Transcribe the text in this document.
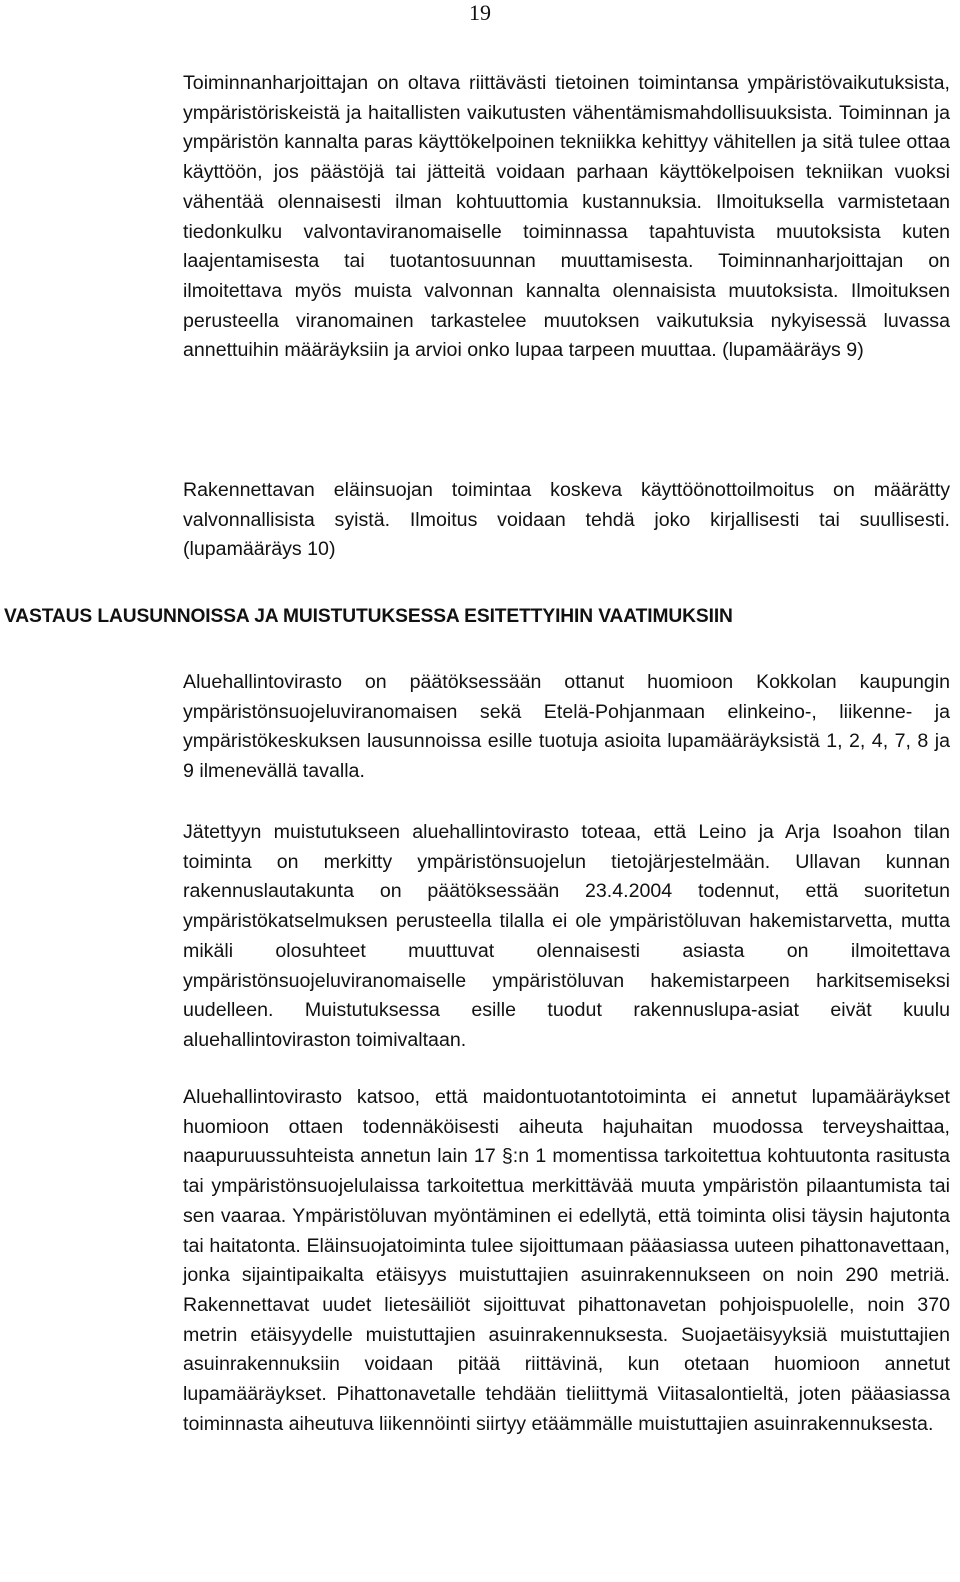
19

Toiminnanharjoittajan on oltava riittävästi tietoinen toimintansa ympäristövaikutuksista, ympäristöriskeistä ja haitallisten vaikutusten vähentämismahdollisuuksista. Toiminnan ja ympäristön kannalta paras käyttökelpoinen tekniikka kehittyy vähitellen ja sitä tulee ottaa käyttöön, jos päästöjä tai jätteitä voidaan parhaan käyttökelpoisen tekniikan vuoksi vähentää olennaisesti ilman kohtuuttomia kustannuksia. Ilmoituksella varmistetaan tiedonkulku valvontaviranomaiselle toiminnassa tapahtuvista muutoksista kuten laajentamisesta tai tuotantosuunnan muuttamisesta. Toiminnanharjoittajan on ilmoitettava myös muista valvonnan kannalta olennaisista muutoksista. Ilmoituksen perusteella viranomainen tarkastelee muutoksen vaikutuksia nykyisessä luvassa annettuihin määräyksiin ja arvioi onko lupaa tarpeen muuttaa. (lupamääräys 9)

Rakennettavan eläinsuojan toimintaa koskeva käyttöönottoilmoitus on määrätty valvonnallisista syistä. Ilmoitus voidaan tehdä joko kirjallisesti tai suullisesti. (lupamääräys 10)

VASTAUS LAUSUNNOISSA JA MUISTUTUKSESSA ESITETTYIHIN VAATIMUKSIIN

Aluehallintovirasto on päätöksessään ottanut huomioon Kokkolan kaupungin ympäristönsuojeluviranomaisen sekä Etelä-Pohjanmaan elinkeino-, liikenne- ja ympäristökeskuksen lausunnoissa esille tuotuja asioita lupamääräyksistä 1, 2, 4, 7, 8 ja 9 ilmenevällä tavalla.

Jätettyyn muistutukseen aluehallintovirasto toteaa, että Leino ja Arja Isoahon tilan toiminta on merkitty ympäristönsuojelun tietojärjestelmään. Ullavan kunnan rakennuslautakunta on päätöksessään 23.4.2004 todennut, että suoritetun ympäristökatselmuksen perusteella tilalla ei ole ympäristöluvan hakemistarvetta, mutta mikäli olosuhteet muuttuvat olennaisesti asiasta on ilmoitettava ympäristönsuojeluviranomaiselle ympäristöluvan hakemistarpeen harkitsemiseksi uudelleen. Muistutuksessa esille tuodut rakennuslupa-asiat eivät kuulu aluehallintoviraston toimivaltaan.

Aluehallintovirasto katsoo, että maidontuotantotoiminta ei annetut lupamääräykset huomioon ottaen todennäköisesti aiheuta hajuhaitan muodossa terveyshaittaa, naapuruussuhteista annetun lain 17 §:n 1 momentissa tarkoitettua kohtuutonta rasitusta tai ympäristönsuojelulaissa tarkoitettua merkittävää muuta ympäristön pilaantumista tai sen vaaraa. Ympäristöluvan myöntäminen ei edellytä, että toiminta olisi täysin hajutonta tai haitatonta. Eläinsuojatoiminta tulee sijoittumaan pääasiassa uuteen pihattonavettaan, jonka sijaintipaikalta etäisyys muistuttajien asuinrakennukseen on noin 290 metriä. Rakennettavat uudet lietesäiliöt sijoittuvat pihattonavetan pohjoispuolelle, noin 370 metrin etäisyydelle muistuttajien asuinrakennuksesta. Suojaetäisyyksiä muistuttajien asuinrakennuksiin voidaan pitää riittävinä, kun otetaan huomioon annetut lupamääräykset. Pihattonavetalle tehdään tieliittymä Viitasalontieltä, joten pääasiassa toiminnasta aiheutuva liikennöinti siirtyy etäämmälle muistuttajien asuinrakennuksesta.
